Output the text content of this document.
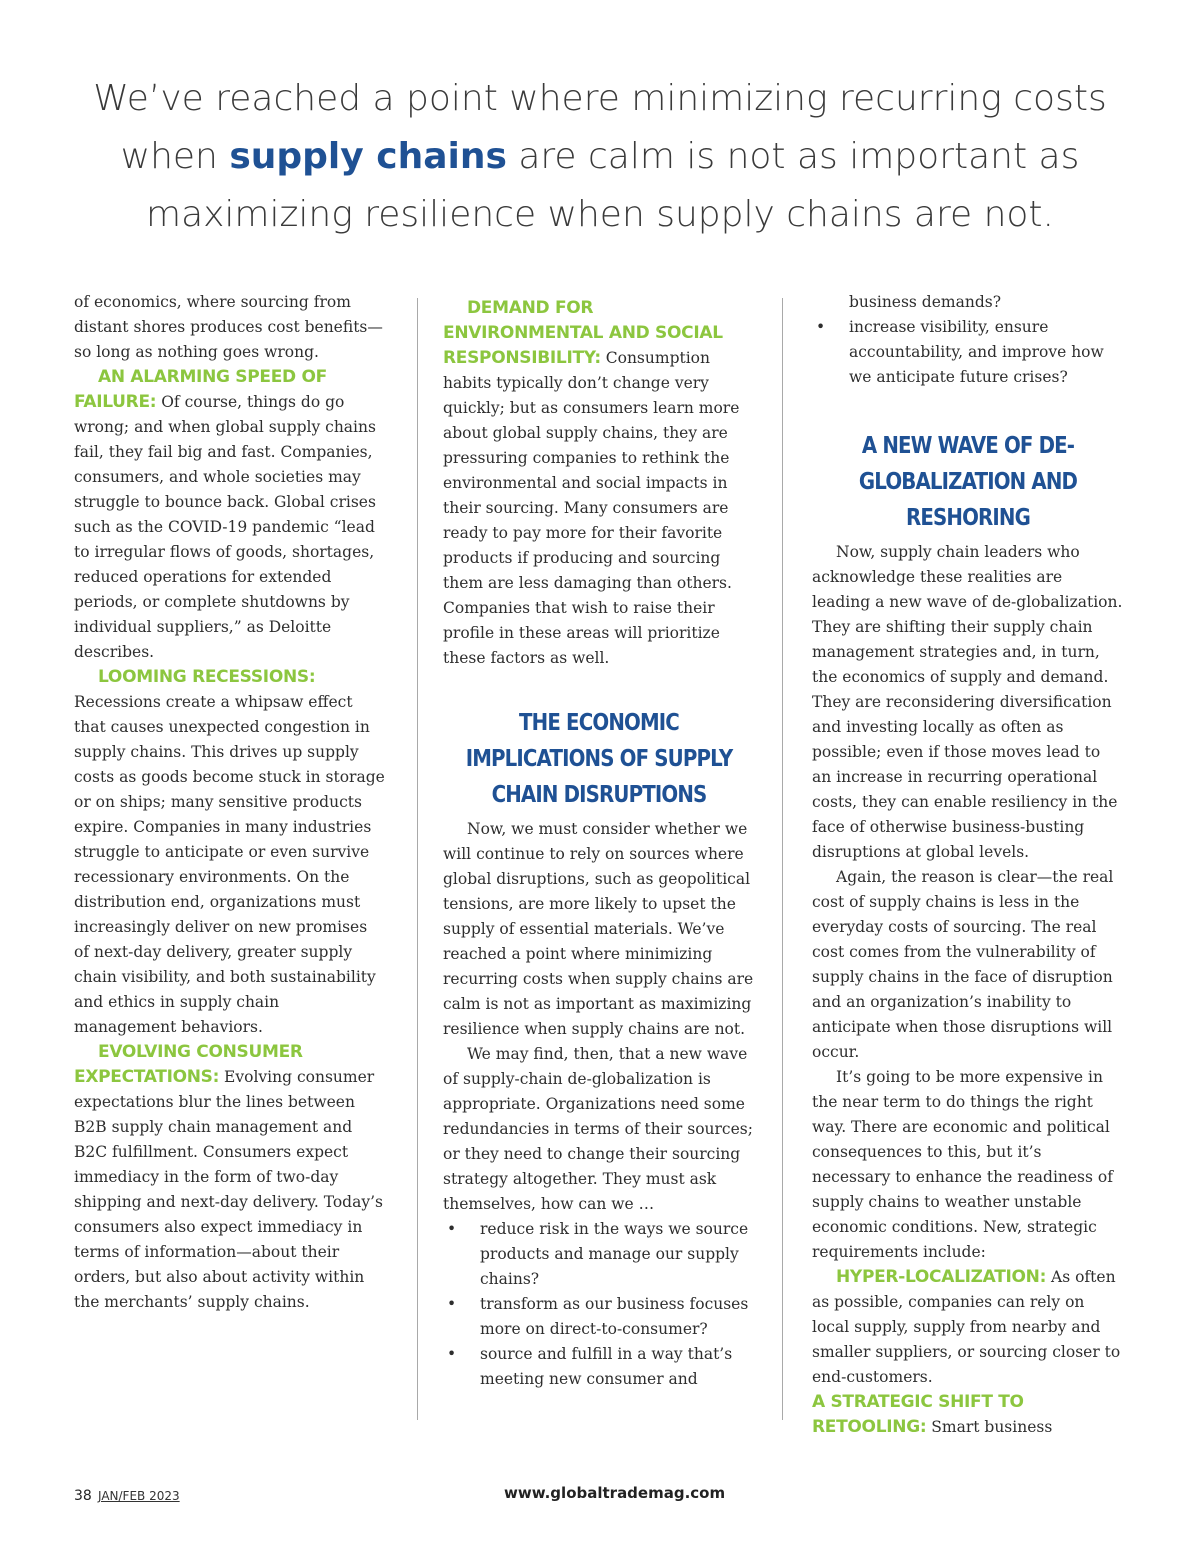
We’ve reached a point where minimizing recurring costs when supply chains are calm is not as important as maximizing resilience when supply chains are not.

of economics, where sourcing from distant shores produces cost benefits—so long as nothing goes wrong.

AN ALARMING SPEED OF FAILURE: Of course, things do go wrong; and when global supply chains fail, they fail big and fast. Companies, consumers, and whole societies may struggle to bounce back. Global crises such as the COVID-19 pandemic “lead to irregular flows of goods, shortages, reduced operations for extended periods, or complete shutdowns by individual suppliers,” as Deloitte describes.

LOOMING RECESSIONS:

Recessions create a whipsaw effect that causes unexpected congestion in supply chains. This drives up supply costs as goods become stuck in storage or on ships; many sensitive products expire. Companies in many industries struggle to anticipate or even survive recessionary environments. On the distribution end, organizations must increasingly deliver on new promises of next-day delivery, greater supply chain visibility, and both sustainability and ethics in supply chain management behaviors.

EVOLVING CONSUMER EXPECTATIONS: Evolving consumer expectations blur the lines between B2B supply chain management and B2C fulfillment. Consumers expect immediacy in the form of two-day shipping and next-day delivery. Today’s consumers also expect immediacy in terms of information—about their orders, but also about activity within the merchants’ supply chains.

DEMAND FOR ENVIRONMENTAL AND SOCIAL RESPONSIBILITY: Consumption habits typically don’t change very quickly; but as consumers learn more about global supply chains, they are pressuring companies to rethink the environmental and social impacts in their sourcing. Many consumers are ready to pay more for their favorite products if producing and sourcing them are less damaging than others. Companies that wish to raise their profile in these areas will prioritize these factors as well.

THE ECONOMIC IMPLICATIONS OF SUPPLY CHAIN DISRUPTIONS

Now, we must consider whether we will continue to rely on sources where global disruptions, such as geopolitical tensions, are more likely to upset the supply of essential materials. We’ve reached a point where minimizing recurring costs when supply chains are calm is not as important as maximizing resilience when supply chains are not.

We may find, then, that a new wave of supply-chain de-globalization is appropriate. Organizations need some redundancies in terms of their sources; or they need to change their sourcing strategy altogether. They must ask themselves, how can we …

• reduce risk in the ways we source products and manage our supply chains?
• transform as our business focuses more on direct-to-consumer?
• source and fulfill in a way that’s meeting new consumer and
business demands?
• increase visibility, ensure accountability, and improve how we anticipate future crises?
A NEW WAVE OF DE-GLOBALIZATION AND RESHORING

Now, supply chain leaders who acknowledge these realities are leading a new wave of de-globalization. They are shifting their supply chain management strategies and, in turn, the economics of supply and demand. They are reconsidering diversification and investing locally as often as possible; even if those moves lead to an increase in recurring operational costs, they can enable resiliency in the face of otherwise business-busting disruptions at global levels.

Again, the reason is clear—the real cost of supply chains is less in the everyday costs of sourcing. The real cost comes from the vulnerability of supply chains in the face of disruption and an organization’s inability to anticipate when those disruptions will occur.

It’s going to be more expensive in the near term to do things the right way. There are economic and political consequences to this, but it’s necessary to enhance the readiness of supply chains to weather unstable economic conditions. New, strategic requirements include:

HYPER-LOCALIZATION: As often as possible, companies can rely on local supply, supply from nearby and smaller suppliers, or sourcing closer to end-customers.

A STRATEGIC SHIFT TO RETOOLING: Smart business

38 JAN/FEB 2023	www.globaltrademag.com
